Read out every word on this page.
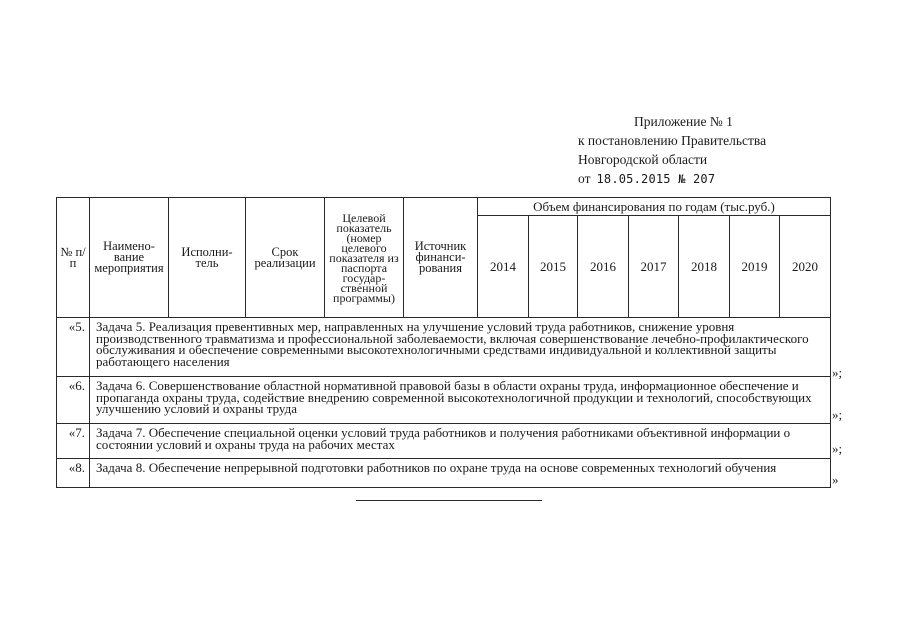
Приложение № 1
к постановлению Правительства
Новгородской области
от 18.05.2015 № 207
№ п/п	Наимено-вание мероприятия	Исполни-тель	Срок реализации	Целевой показатель (номер целевого показателя из паспорта государ-ственной программы)	Источник финанси-рования	Объем финансирования по годам (тыс.руб.)						
						2014	2015	2016	2017	2018	2019	2020
«5.	Задача 5. Реализация превентивных мер, направленных на улучшение условий труда работников, снижение уровня производственного травматизма и профессиональной заболеваемости, включая совершенствование лечебно-профилактического обслуживания и обеспечение современными высокотехнологичными средствами индивидуальной и коллективной защиты работающего населения											
«6.	Задача 6. Совершенствование областной нормативной правовой базы в области охраны труда, информационное обеспечение и пропаганда охраны труда, содействие внедрению современной высокотехнологичной продукции и технологий, способствующих улучшению условий и охраны труда											
«7.	Задача 7. Обеспечение специальной оценки условий труда работников и получения работниками объективной информации о состоянии условий и охраны труда на рабочих местах											
«8.	Задача 8. Обеспечение непрерывной подготовки работников по охране труда на основе современных технологий обучения											
»;
»;
»;
»
